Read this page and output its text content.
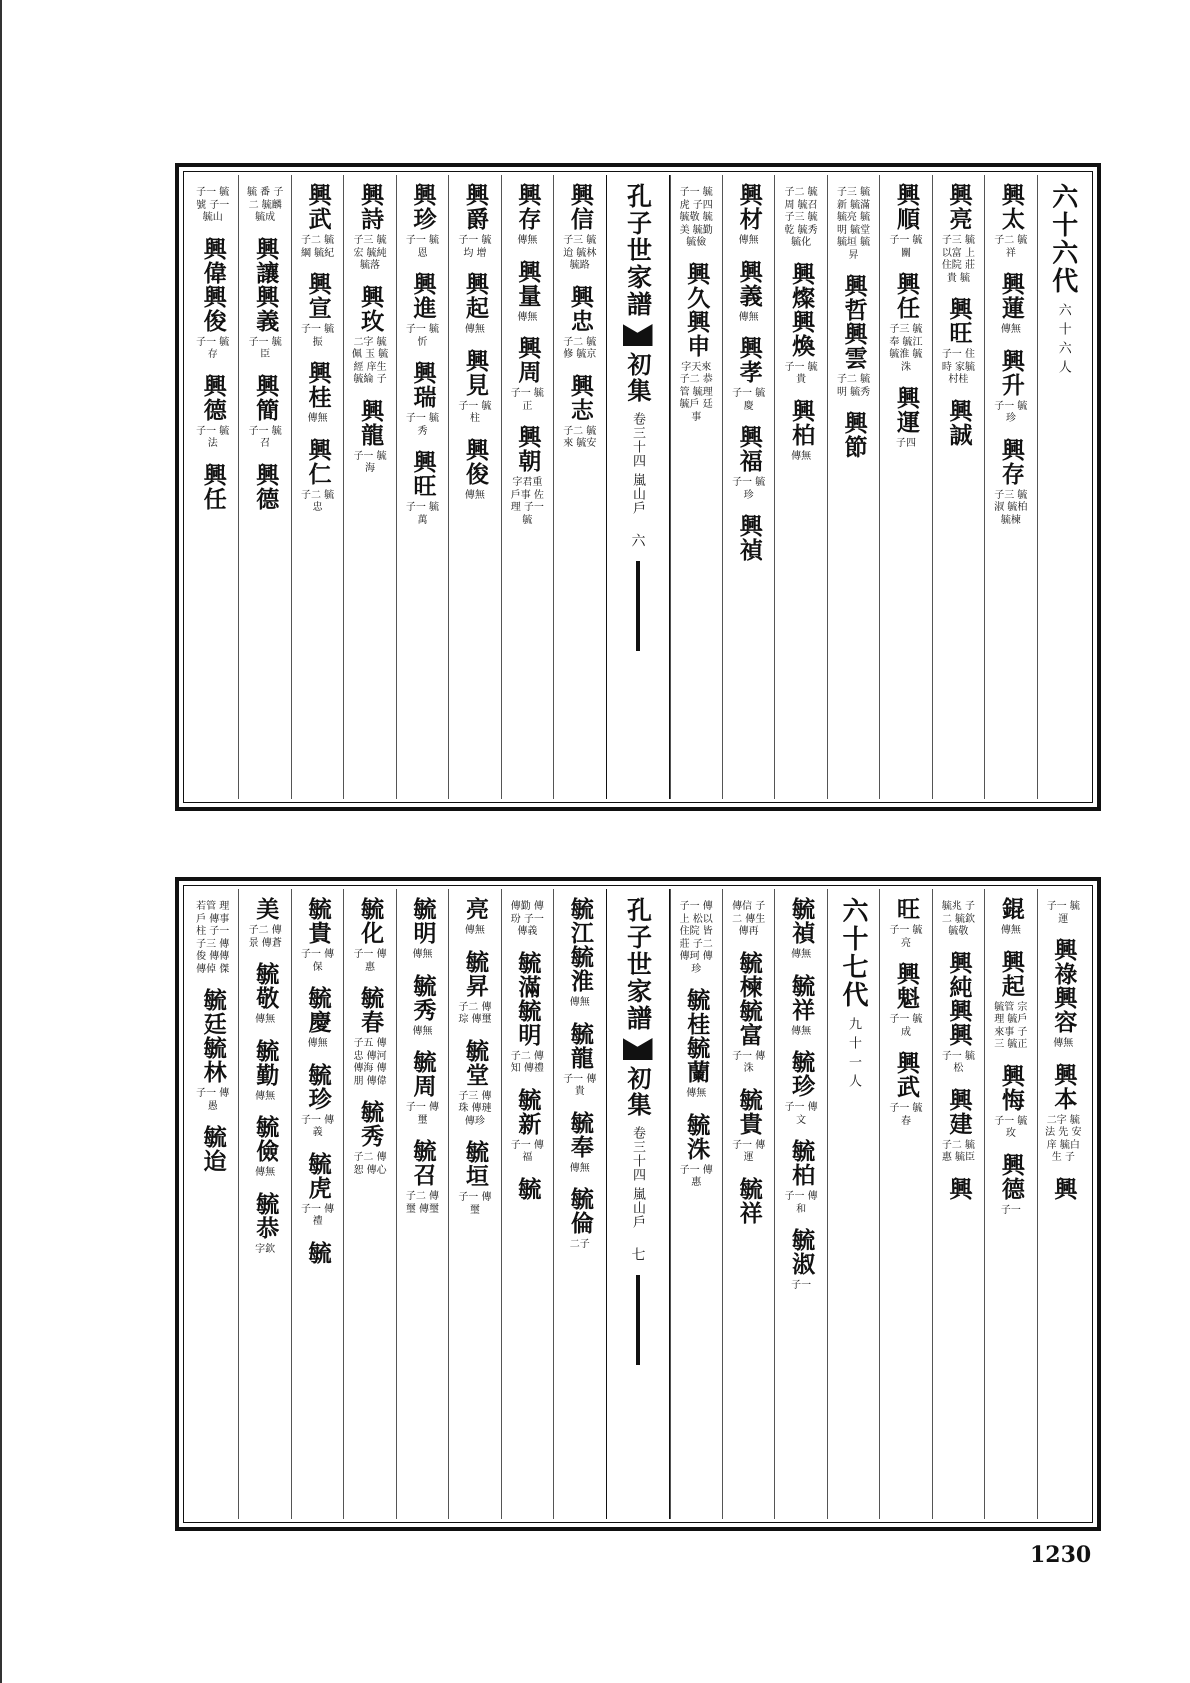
六十六代
六十六人
興太
子二 毓祥
興蓮
傳無
興升
子一 毓珍
興存
子三 毓淑 毓柏 毓楝
興亮
子三 毓以富 上住院 莊貴 毓
興旺
子一 住時 家毓 村桂
興誠
興順
子一 毓關
興任
子三 毓奉 毓江 毓淮 毓洙
興運
子四
子三 毓新 毓滿 毓亮 毓明 毓堂 毓垣 毓昇
興哲
興雲
子二 毓明 毓秀
興節
子二 毓周 毓召 子三 毓乾 毓秀 毓化
興燦
興煥
子一 毓貴
興柏
傳無
興材
傳無
興義
傳無
興孝
子一 毓慶
興福
子一 毓珍
興禎
子一 毓虎 子四 毓敬 毓美 毓勤 毓儉
興久
興申
字天來 子二 恭管 毓理 毓戶 廷事
孔子世家譜
初集
卷三十四 嵐山戶
六
興信
子三 毓迨 毓林 毓路
興忠
子二 毓修 毓京
興志
子二 毓來 毓安
興存
傳無
興量
傳無
興周
子一 毓正
興朝
字君重 戶事 佐理 子一 毓
興爵
子一 毓均 增
興起
傳無
興見
子一 毓柱
興俊
傳無
興珍
子一 毓恩
興進
子一 毓忻
興瑞
子一 毓秀
興旺
子一 毓萬
興詩
子三 毓宏 毓純 毓落
興玫
二字 毓佩 玉 毓經 庠生 毓綸 子
興龍
子一 毓海
興武
子二 毓綱 毓紀
興宣
子一 毓振
興桂
傳無
興仁
子二 毓忠
毓 番 子二 毓麟 毓成
興讓
興義
子一 毓臣
興簡
子一 毓召
興德
子一 毓號 子一 毓山
興偉
興俊
子一 毓存
興德
子一 毓法
興任
子一 毓運
興祿
興容
傳無
興本
二字 毓法 先 安庠 毓白 生 子
興
錕
傳無
興起
毓管 宗理 毓戶 來事 子三 毓正
興悔
子一 毓玫
興德
子一
毓兆 子二 毓欽 毓敬
興純
興興
子一 毓松
興建
子二 毓惠 毓臣
興
旺
子一 毓亮
興魁
子一 毓成
興武
子一 毓春
六十七代
九十一人
毓禎
傳無
毓祥
傳無
毓珍
子一 傳文
毓柏
子一 傳和
毓淑
子一
傳信 子二 傳生 傳再
毓楝
毓富
子一 傳洙
毓貴
子一 傳運
毓祥
子一 傳上 松以 住院 皆莊 子二 傳珂 傳珍
毓桂
毓蘭
傳無
毓洙
子一 傳惠
孔子世家譜
初集
卷三十四 嵐山戶
七
毓江
毓淮
傳無
毓龍
子一 傳貴
毓奉
傳無
毓倫
二子
傳勤 傳玢 子一 傳義
毓滿
毓明
子二 傳知 傳禮
毓新
子一 傳福
毓
亮
傳無
毓昇
子二 傳琮 傳璽
毓堂
子三 傳珠 傳璉 傳珍
毓垣
子一 傳璽
毓明
傳無
毓秀
傳無
毓周
子一 傳璽
毓召
子二 傳璽 傳璽
毓化
子一 傳惠
毓春
子五 傳忠 傳河 傳海 傳朋 傳偉
毓秀
子二 傳恕 傳心
毓貴
子一 傳保
毓慶
傳無
毓珍
子一 傳義
毓虎
子一 傳禮
毓
美
子二 傳景 傳蒼
毓敬
傳無
毓勤
傳無
毓儉
傳無
毓恭
字欽
若管 理戶 傳事 柱 子一 子三 傳俊 傳傳 傳倬 傑
毓廷
毓林
子一 傳愚
毓迨
1230
